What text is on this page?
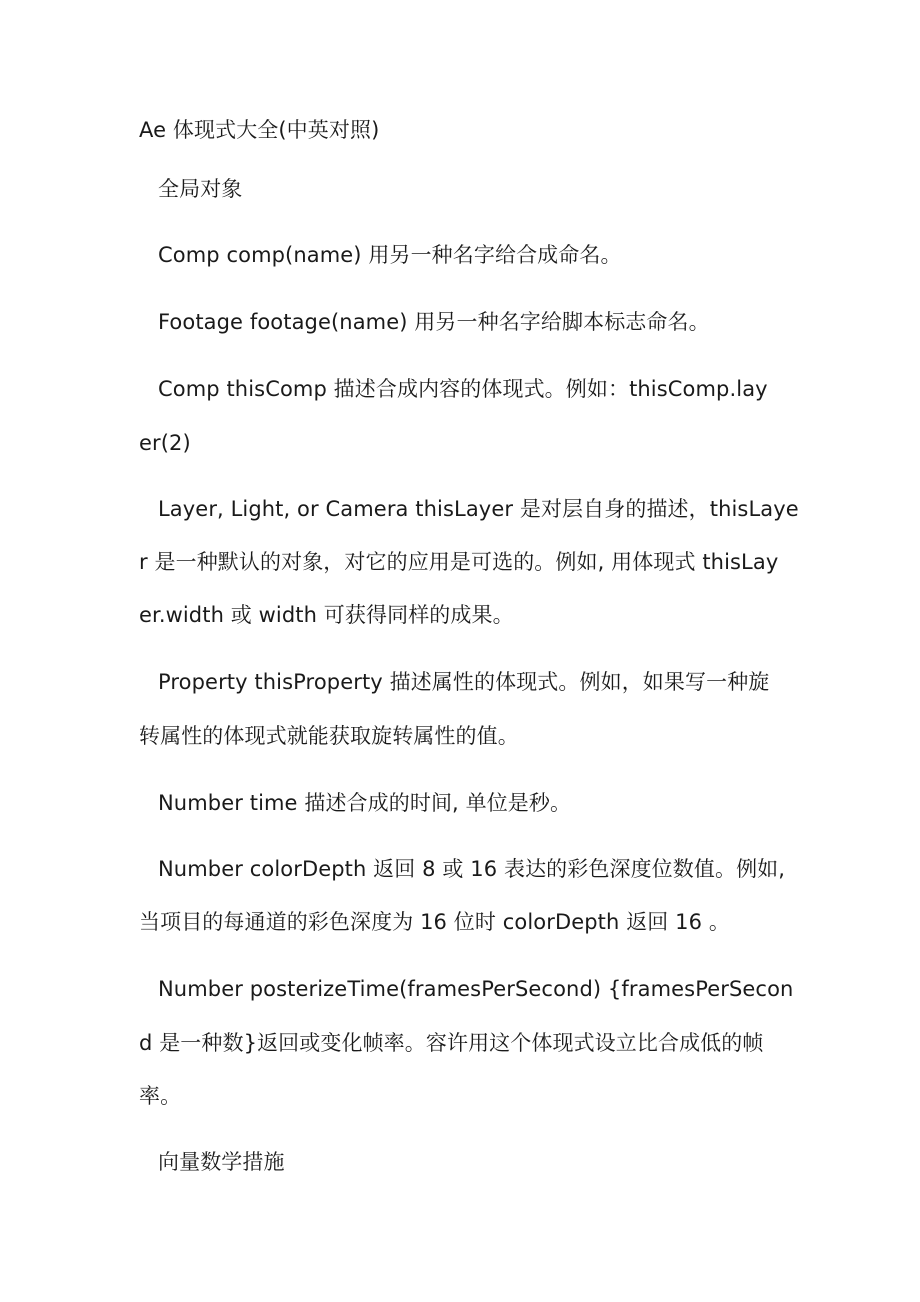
Ae 体现式大全(中英对照)
全局对象
Comp comp(name) 用另一种名字给合成命名。
Footage footage(name) 用另一种名字给脚本标志命名。
Comp thisComp 描述合成内容的体现式。例如：thisComp.lay
er(2)
Layer, Light, or Camera thisLayer 是对层自身的描述，thisLaye
r 是一种默认的对象，对它的应用是可选的。例如, 用体现式 thisLay
er.width 或 width 可获得同样的成果。
Property thisProperty 描述属性的体现式。例如，如果写一种旋
转属性的体现式就能获取旋转属性的值。
Number time 描述合成的时间, 单位是秒。
Number colorDepth 返回 8 或 16 表达的彩色深度位数值。例如,
当项目的每通道的彩色深度为 16 位时 colorDepth 返回 16 。
Number posterizeTime(framesPerSecond) {framesPerSecon
d 是一种数}返回或变化帧率。容许用这个体现式设立比合成低的帧
率。
向量数学措施
